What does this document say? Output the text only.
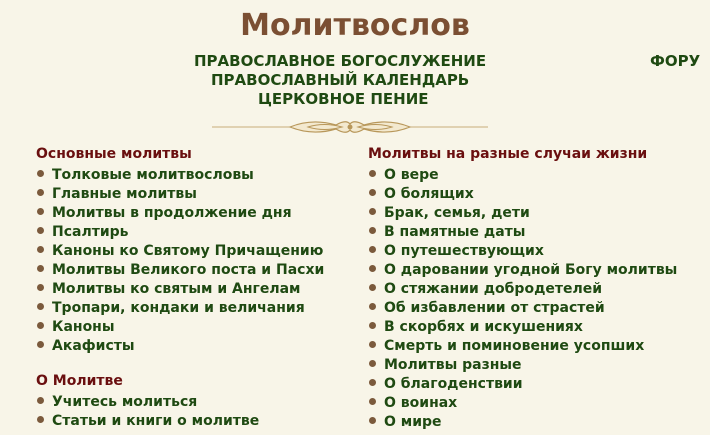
Молитвослов
ПРАВОСЛАВНОЕ БОГОСЛУЖЕНИЕ
ПРАВОСЛАВНЫЙ КАЛЕНДАРЬ
ЦЕРКОВНОЕ ПЕНИЕ
ФОРУ
Основные молитвы
Толковые молитвословы
Главные молитвы
Молитвы в продолжение дня
Псалтирь
Каноны ко Святому Причащению
Молитвы Великого поста и Пасхи
Молитвы ко святым и Ангелам
Тропари, кондаки и величания
Каноны
Акафисты
О Молитве
Учитесь молиться
Статьи и книги о молитве
Молитвы на разные случаи жизни
О вере
О болящих
Брак, семья, дети
В памятные даты
О путешествующих
О даровании угодной Богу молитвы
О стяжании добродетелей
Об избавлении от страстей
В скорбях и искушениях
Смерть и поминовение усопших
Молитвы разные
О благоденствии
О воинах
О мире
